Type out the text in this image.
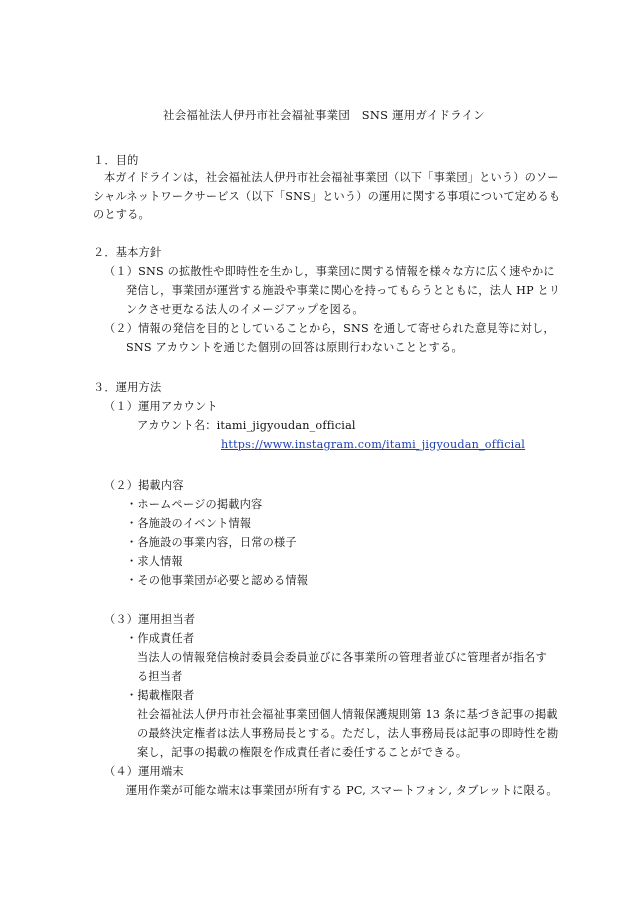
社会福祉法人伊丹市社会福祉事業団　SNS 運用ガイドライン
１．目的
本ガイドラインは，社会福祉法人伊丹市社会福祉事業団（以下「事業団」という）のソー
シャルネットワークサービス（以下「SNS」という）の運用に関する事項について定めるも
のとする。
２．基本方針
（１）SNS の拡散性や即時性を生かし，事業団に関する情報を様々な方に広く速やかに
発信し，事業団が運営する施設や事業に関心を持ってもらうとともに，法人 HP とリ
ンクさせ更なる法人のイメージアップを図る。
（２）情報の発信を目的としていることから，SNS を通して寄せられた意見等に対し，
SNS アカウントを通じた個別の回答は原則行わないこととする。
３．運用方法
（１）運用アカウント
アカウント名：itami_jigyoudan_official
https://www.instagram.com/itami_jigyoudan_official
（２）掲載内容
・ホームページの掲載内容
・各施設のイベント情報
・各施設の事業内容，日常の様子
・求人情報
・その他事業団が必要と認める情報
（３）運用担当者
・作成責任者
当法人の情報発信検討委員会委員並びに各事業所の管理者並びに管理者が指名す
る担当者
・掲載権限者
社会福祉法人伊丹市社会福祉事業団個人情報保護規則第 13 条に基づき記事の掲載
の最終決定権者は法人事務局長とする。ただし，法人事務局長は記事の即時性を勘
案し，記事の掲載の権限を作成責任者に委任することができる。
（４）運用端末
運用作業が可能な端末は事業団が所有する PC, スマートフォン, タブレットに限る。
